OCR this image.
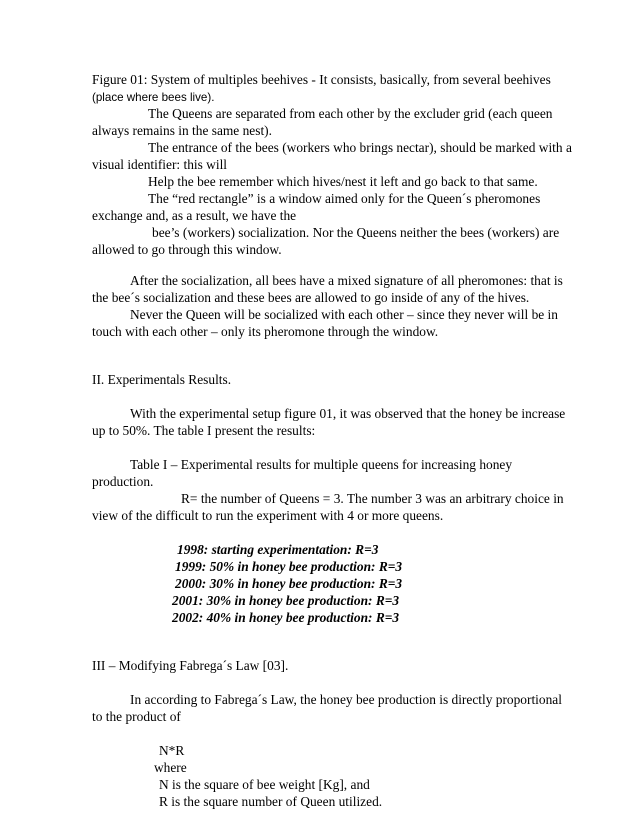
Figure 01: System of multiples beehives - It consists, basically, from several beehives
(place where bees live).
The Queens are separated from each other by the excluder grid (each queen
always remains in the same nest).
The entrance of the bees (workers who brings nectar), should be marked with a
visual identifier: this will
Help the bee remember which hives/nest it left and go back to that same.
The “red rectangle” is a window aimed only for the Queen´s pheromones
exchange and, as a result, we have the
bee’s (workers) socialization. Nor the Queens neither the bees (workers) are
allowed to go through this window.
After the socialization, all bees have a mixed signature of all pheromones: that is
the bee´s socialization and these bees are allowed to go inside of any of the hives.
Never the Queen will be socialized with each other – since they never will be in
touch with each other – only its pheromone through the window.
II. Experimentals Results.
With the experimental setup figure 01, it was observed that the honey be increase
up to 50%. The table I present the results:
Table I – Experimental results for multiple queens for increasing honey
production.
R= the number of Queens = 3. The number 3 was an arbitrary choice in
view of the difficult to run the experiment with 4 or more queens.
1998: starting experimentation: R=3
1999: 50% in honey bee production: R=3
2000: 30% in honey bee production: R=3
2001: 30% in honey bee production: R=3
2002: 40% in honey bee production: R=3
III – Modifying Fabrega´s Law [03].
In according to Fabrega´s Law, the honey bee production is directly proportional
to the product of
N*R
where
N is the square of bee weight [Kg], and
R is the square number of Queen utilized.
